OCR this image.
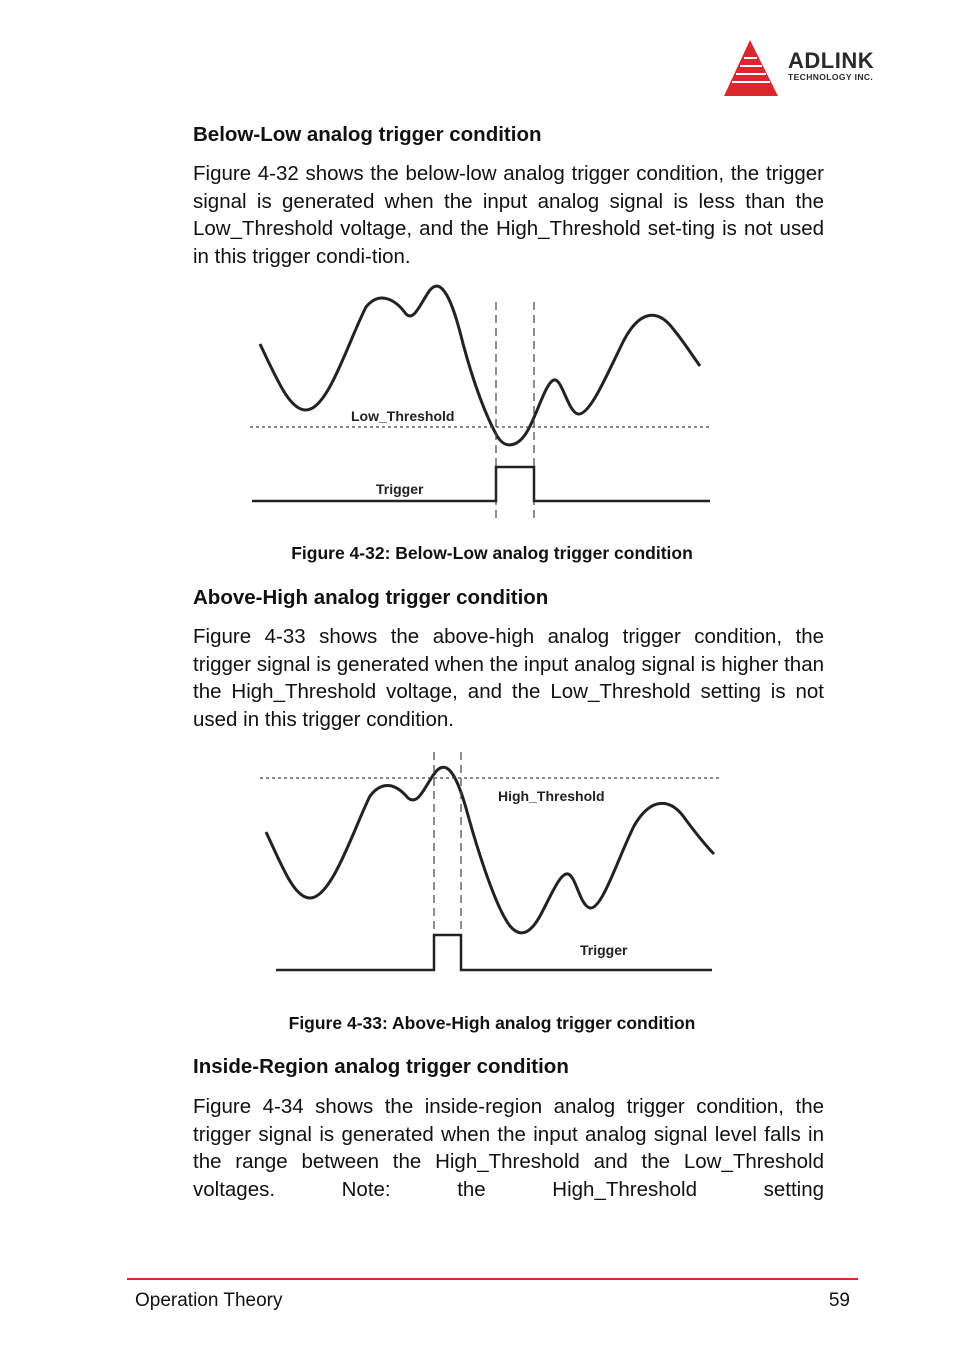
ADLINK
TECHNOLOGY INC.
Below-Low analog trigger condition

Figure 4-32 shows the below-low analog trigger condition, the trigger signal is generated when the input analog signal is less than the Low_Threshold voltage, and the High_Threshold set-ting is not used in this trigger condi-tion.

Low_Threshold
Trigger

Figure 4-32: Below-Low analog trigger condition

Above-High analog trigger condition

Figure 4-33 shows the above-high analog trigger condition, the trigger signal is generated when the input analog signal is higher than the High_Threshold voltage, and the Low_Threshold setting is not used in this trigger condition.

High_Threshold
Trigger

Figure 4-33: Above-High analog trigger condition

Inside-Region analog trigger condition

Figure 4-34 shows the inside-region analog trigger condition, the trigger signal is generated when the input analog signal level falls in the range between the High_Threshold and the Low_Threshold voltages. Note: the High_Threshold setting

Operation Theory	59
